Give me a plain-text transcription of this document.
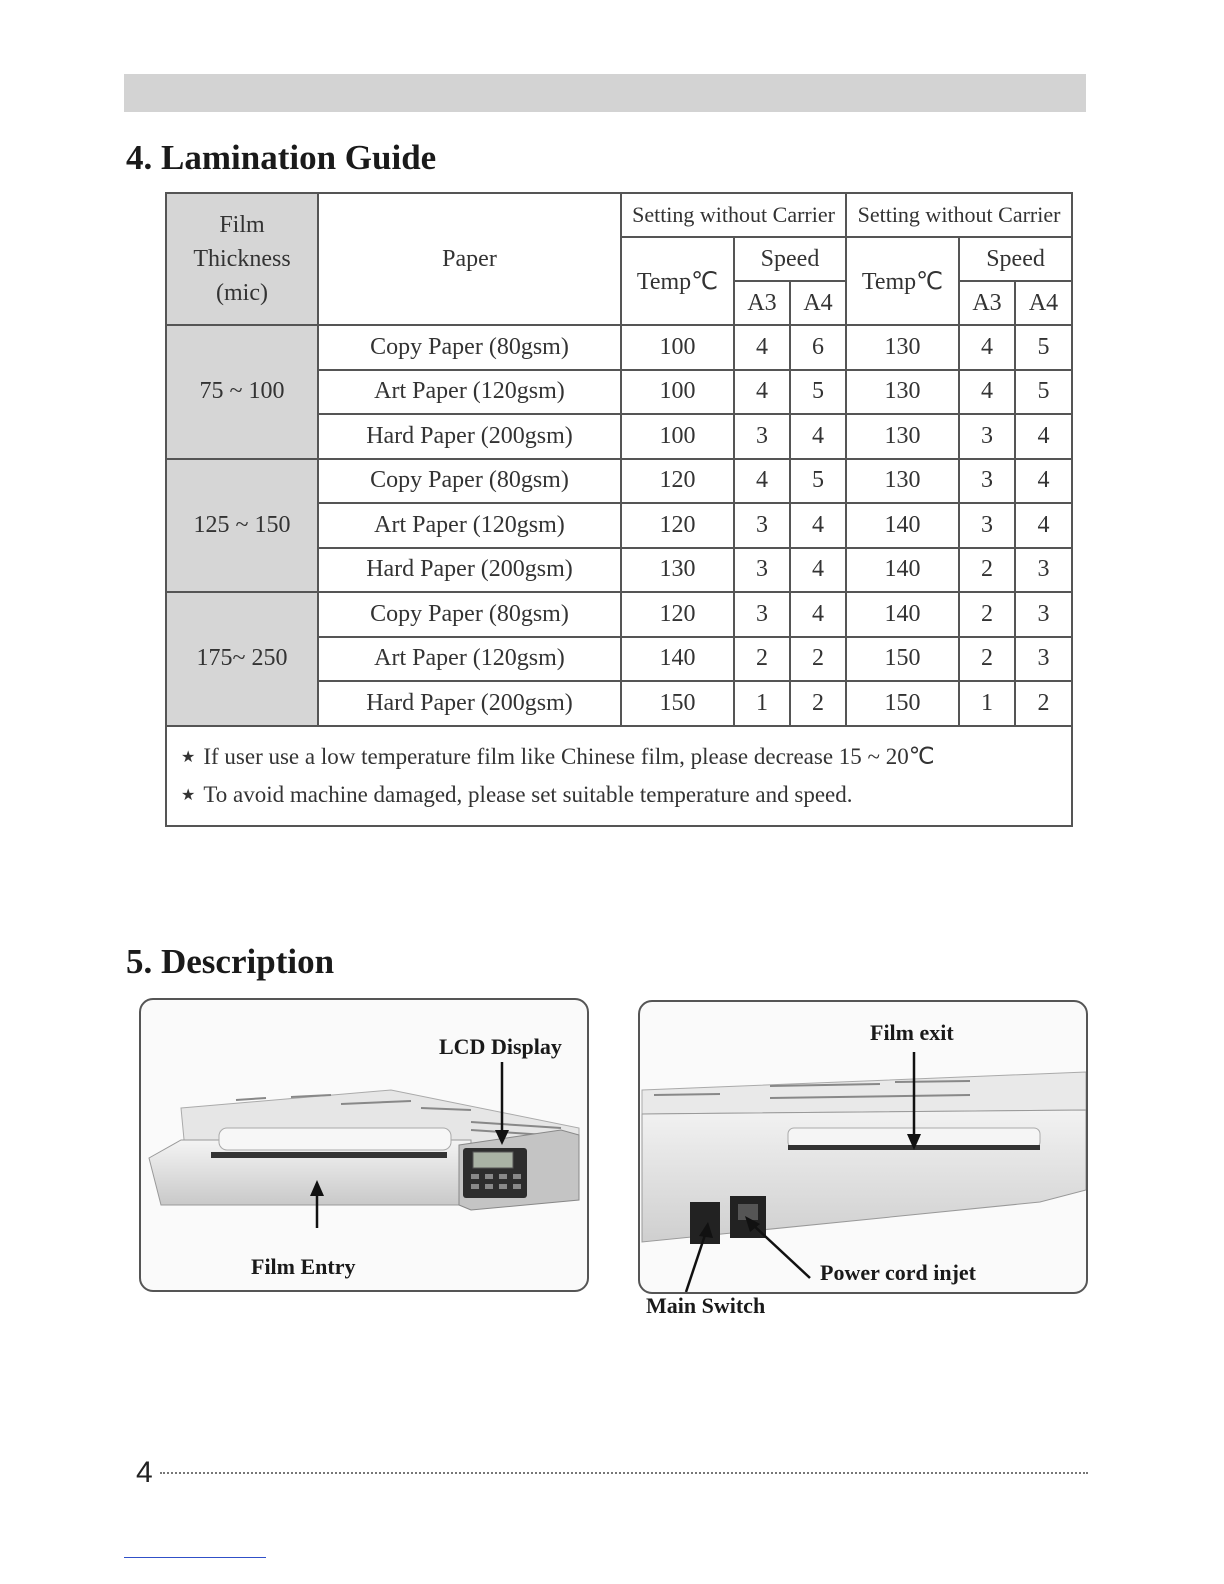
4. Lamination Guide
Film
Thickness
(mic)	Paper	Setting without Carrier			Setting without Carrier		
		Temp℃	Speed		Temp℃	Speed	
			A3	A4		A3	A4
75 ~ 100	Copy Paper (80gsm)	100	4	6	130	4	5
	Art Paper (120gsm)	100	4	5	130	4	5
	Hard Paper (200gsm)	100	3	4	130	3	4
125 ~ 150	Copy Paper (80gsm)	120	4	5	130	3	4
	Art Paper (120gsm)	120	3	4	140	3	4
	Hard Paper (200gsm)	130	3	4	140	2	3
175~ 250	Copy Paper (80gsm)	120	3	4	140	2	3
	Art Paper (120gsm)	140	2	2	150	2	3
	Hard Paper (200gsm)	150	1	2	150	1	2

★ If user use a low temperature film like Chinese film, please decrease 15 ~ 20℃
★ To avoid machine damaged, please set suitable temperature and speed.							
5. Description
LCD Display
Film Entry
Film exit
Power cord injet
Main Switch
4
